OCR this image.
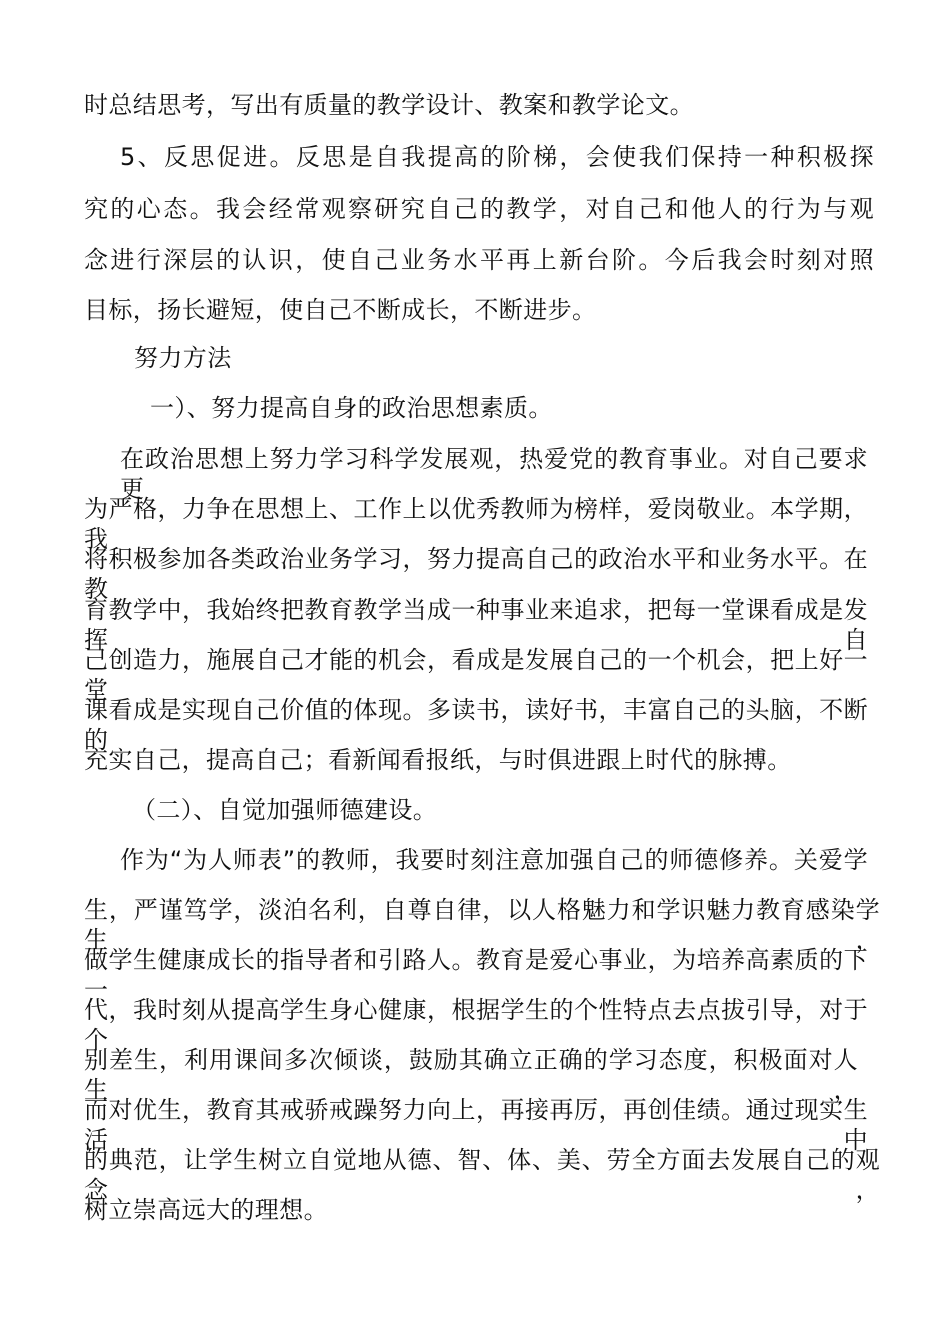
时总结思考，写出有质量的教学设计、教案和教学论文。
5、反思促进。反思是自我提高的阶梯，会使我们保持一种积极探
究的心态。我会经常观察研究自己的教学，对自己和他人的行为与观
念进行深层的认识，使自己业务水平再上新台阶。今后我会时刻对照
目标，扬长避短，使自己不断成长，不断进步。
努力方法
一）、努力提高自身的政治思想素质。
在政治思想上努力学习科学发展观，热爱党的教育事业。对自己要求更
为严格，力争在思想上、工作上以优秀教师为榜样，爱岗敬业。本学期，我
将积极参加各类政治业务学习，努力提高自己的政治水平和业务水平。在教
育教学中，我始终把教育教学当成一种事业来追求，把每一堂课看成是发挥自
己创造力，施展自己才能的机会，看成是发展自己的一个机会，把上好一堂
课看成是实现自己价值的体现。多读书，读好书，丰富自己的头脑，不断的
充实自己，提高自己；看新闻看报纸，与时俱进跟上时代的脉搏。
（二）、自觉加强师德建设。
作为“为人师表”的教师，我要时刻注意加强自己的师德修养。关爱学
生，严谨笃学，淡泊名利，自尊自律，以人格魅力和学识魅力教育感染学生，
做学生健康成长的指导者和引路人。教育是爱心事业，为培养高素质的下一
代，我时刻从提高学生身心健康，根据学生的个性特点去点拔引导，对于个
别差生，利用课间多次倾谈，鼓励其确立正确的学习态度，积极面对人生，
而对优生，教育其戒骄戒躁努力向上，再接再厉，再创佳绩。通过现实生活中
的典范，让学生树立自觉地从德、智、体、美、劳全方面去发展自己的观念，
树立崇高远大的理想。
